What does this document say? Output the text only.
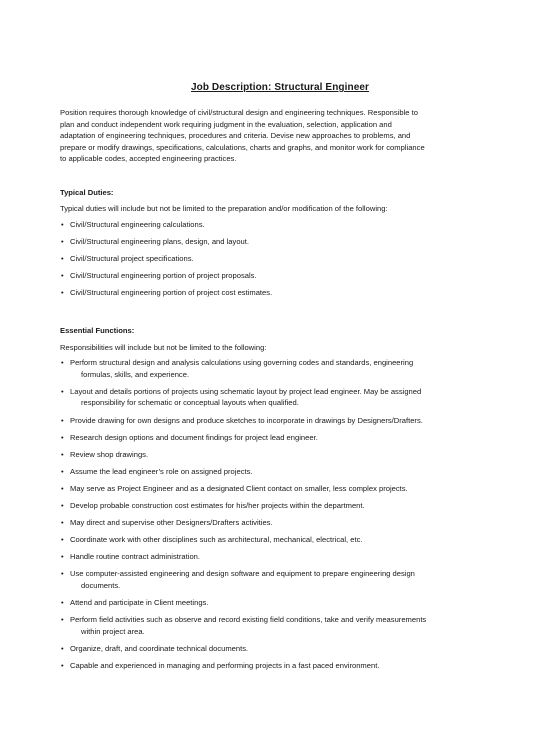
Job Description: Structural Engineer
Position requires thorough knowledge of civil/structural design and engineering techniques. Responsible to
plan and conduct independent work requiring judgment in the evaluation, selection, application and
adaptation of engineering techniques, procedures and criteria. Devise new approaches to problems, and
prepare or modify drawings, specifications, calculations, charts and graphs, and monitor work for compliance
to applicable codes, accepted engineering practices.
Typical Duties:
Typical duties will include but not be limited to the preparation and/or modification of the following:
• Civil/Structural engineering calculations.
• Civil/Structural engineering plans, design, and layout.
• Civil/Structural project specifications.
• Civil/Structural engineering portion of project proposals.
• Civil/Structural engineering portion of project cost estimates.
Essential Functions:
Responsibilities will include but not be limited to the following:
• Perform structural design and analysis calculations using governing codes and standards, engineering
formulas, skills, and experience.
• Layout and details portions of projects using schematic layout by project lead engineer. May be assigned
responsibility for schematic or conceptual layouts when qualified.
• Provide drawing for own designs and produce sketches to incorporate in drawings by Designers/Drafters.
• Research design options and document findings for project lead engineer.
• Review shop drawings.
• Assume the lead engineer’s role on assigned projects.
• May serve as Project Engineer and as a designated Client contact on smaller, less complex projects.
• Develop probable construction cost estimates for his/her projects within the department.
• May direct and supervise other Designers/Drafters activities.
• Coordinate work with other disciplines such as architectural, mechanical, electrical, etc.
• Handle routine contract administration.
• Use computer-assisted engineering and design software and equipment to prepare engineering design
documents.
• Attend and participate in Client meetings.
• Perform field activities such as observe and record existing field conditions, take and verify measurements
within project area.
• Organize, draft, and coordinate technical documents.
• Capable and experienced in managing and performing projects in a fast paced environment.
